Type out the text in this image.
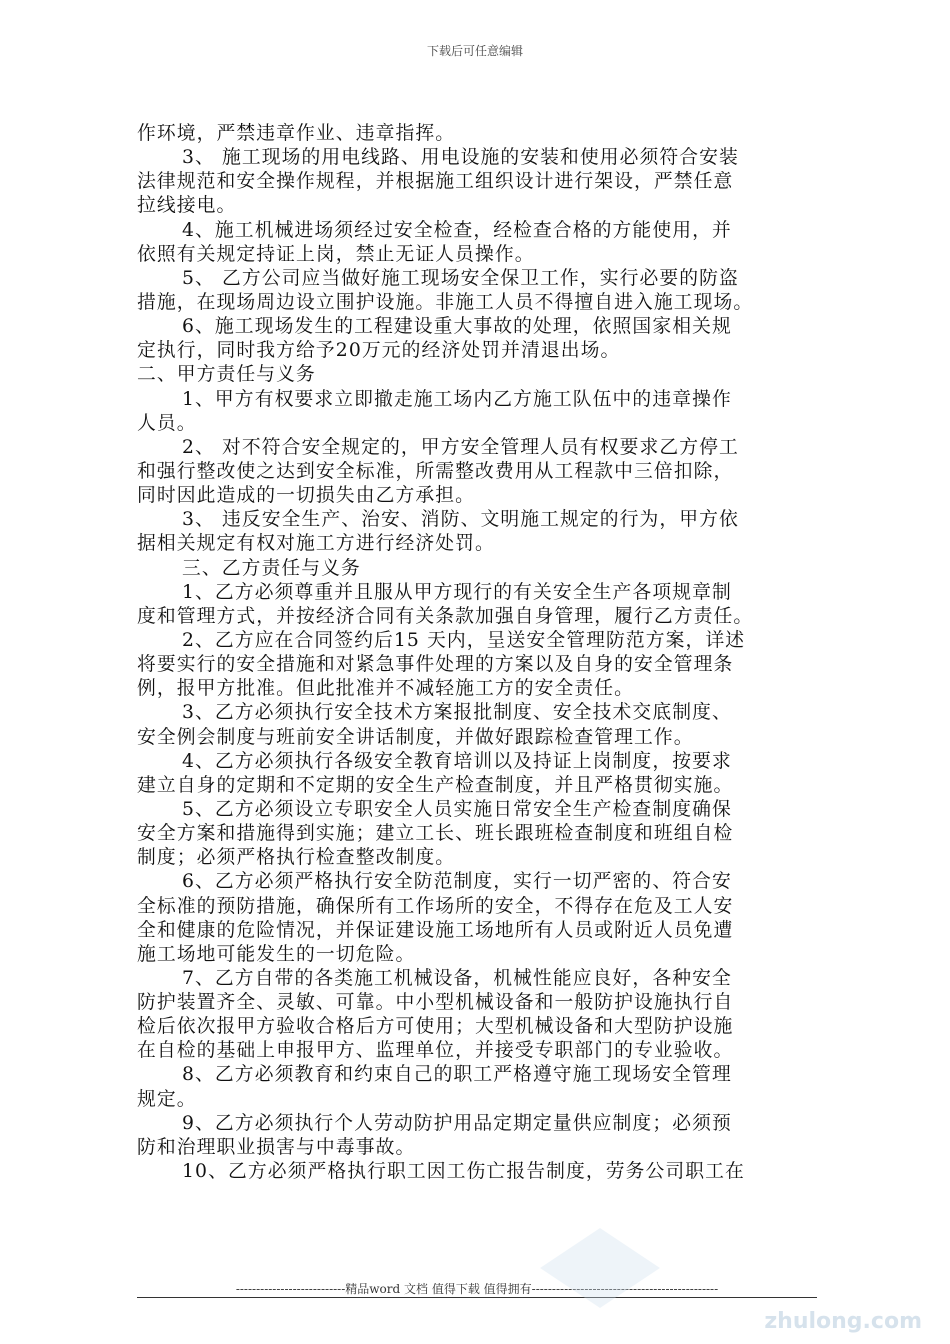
下载后可任意编辑
作环境，严禁违章作业、违章指挥。
3、 施工现场的用电线路、用电设施的安装和使用必须符合安装
法律规范和安全操作规程，并根据施工组织设计进行架设，严禁任意
拉线接电。
4、施工机械进场须经过安全检查，经检查合格的方能使用，并
依照有关规定持证上岗，禁止无证人员操作。
5、 乙方公司应当做好施工现场安全保卫工作，实行必要的防盗
措施，在现场周边设立围护设施。非施工人员不得擅自进入施工现场。
6、施工现场发生的工程建设重大事故的处理，依照国家相关规
定执行，同时我方给予20万元的经济处罚并清退出场。
二、甲方责任与义务
1、甲方有权要求立即撤走施工场内乙方施工队伍中的违章操作
人员。
2、 对不符合安全规定的，甲方安全管理人员有权要求乙方停工
和强行整改使之达到安全标准，所需整改费用从工程款中三倍扣除，
同时因此造成的一切损失由乙方承担。
3、 违反安全生产、治安、消防、文明施工规定的行为，甲方依
据相关规定有权对施工方进行经济处罚。
三、乙方责任与义务
1、乙方必须尊重并且服从甲方现行的有关安全生产各项规章制
度和管理方式，并按经济合同有关条款加强自身管理，履行乙方责任。
2、乙方应在合同签约后15 天内，呈送安全管理防范方案，详述
将要实行的安全措施和对紧急事件处理的方案以及自身的安全管理条
例，报甲方批准。但此批准并不减轻施工方的安全责任。
3、乙方必须执行安全技术方案报批制度、安全技术交底制度、
安全例会制度与班前安全讲话制度，并做好跟踪检查管理工作。
4、乙方必须执行各级安全教育培训以及持证上岗制度，按要求
建立自身的定期和不定期的安全生产检查制度，并且严格贯彻实施。
5、乙方必须设立专职安全人员实施日常安全生产检查制度确保
安全方案和措施得到实施；建立工长、班长跟班检查制度和班组自检
制度；必须严格执行检查整改制度。
6、乙方必须严格执行安全防范制度，实行一切严密的、符合安
全标准的预防措施，确保所有工作场所的安全，不得存在危及工人安
全和健康的危险情况，并保证建设施工场地所有人员或附近人员免遭
施工场地可能发生的一切危险。
7、乙方自带的各类施工机械设备，机械性能应良好，各种安全
防护装置齐全、灵敏、可靠。中小型机械设备和一般防护设施执行自
检后依次报甲方验收合格后方可使用；大型机械设备和大型防护设施
在自检的基础上申报甲方、监理单位，并接受专职部门的专业验收。
8、乙方必须教育和约束自己的职工严格遵守施工现场安全管理
规定。
9、乙方必须执行个人劳动防护用品定期定量供应制度；必须预
防和治理职业损害与中毒事故。
10、乙方必须严格执行职工因工伤亡报告制度，劳务公司职工在
---------------------------精品word 文档 值得下载 值得拥有----------------------------------------------
zhulong.com
